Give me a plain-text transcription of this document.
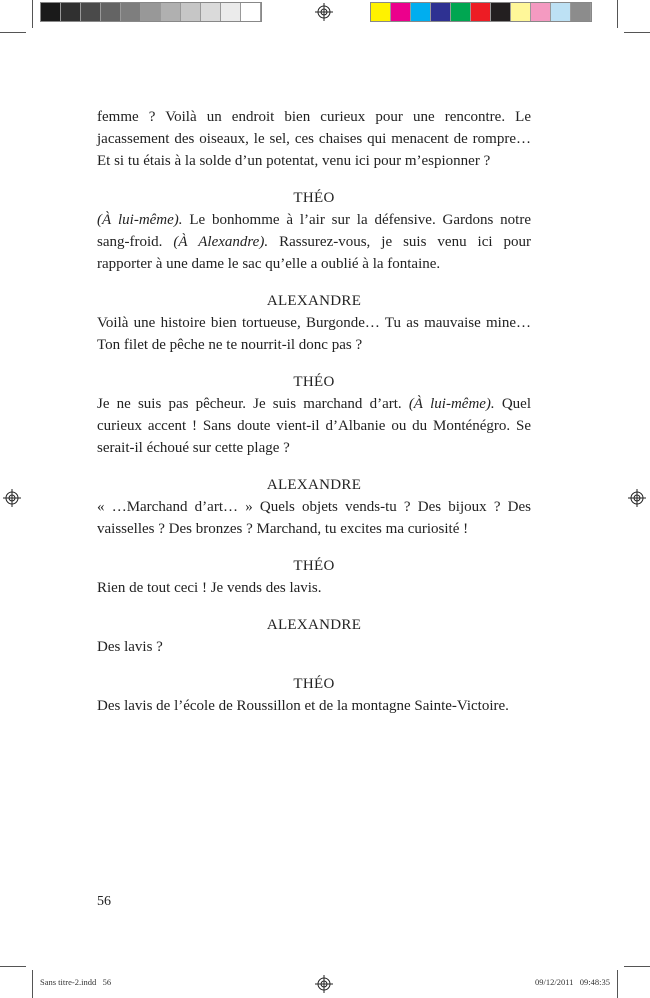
femme ? Voilà un endroit bien curieux pour une rencontre. Le jacassement des oiseaux, le sel, ces chaises qui menacent de rompre… Et si tu étais à la solde d’un potentat, venu ici pour m’espionner ?

THÉO

(À lui-même). Le bonhomme à l’air sur la défensive. Gardons notre sang-froid. (À Alexandre). Rassurez-vous, je suis venu ici pour rapporter à une dame le sac qu’elle a oublié à la fontaine.

ALEXANDRE

Voilà une histoire bien tortueuse, Burgonde… Tu as mauvaise mine… Ton filet de pêche ne te nourrit-il donc pas ?

THÉO

Je ne suis pas pêcheur. Je suis marchand d’art. (À lui-même). Quel curieux accent ! Sans doute vient-il d’Albanie ou du Monténégro. Se serait-il échoué sur cette plage ?

ALEXANDRE

« …Marchand d’art… » Quels objets vends-tu ? Des bijoux ? Des vaisselles ? Des bronzes ? Marchand, tu excites ma curiosité !

THÉO

Rien de tout ceci ! Je vends des lavis.

ALEXANDRE

Des lavis ?

THÉO

Des lavis de l’école de Roussillon et de la montagne Sainte-Victoire.

56
Sans titre-2.indd   56	09/12/2011   09:48:35
